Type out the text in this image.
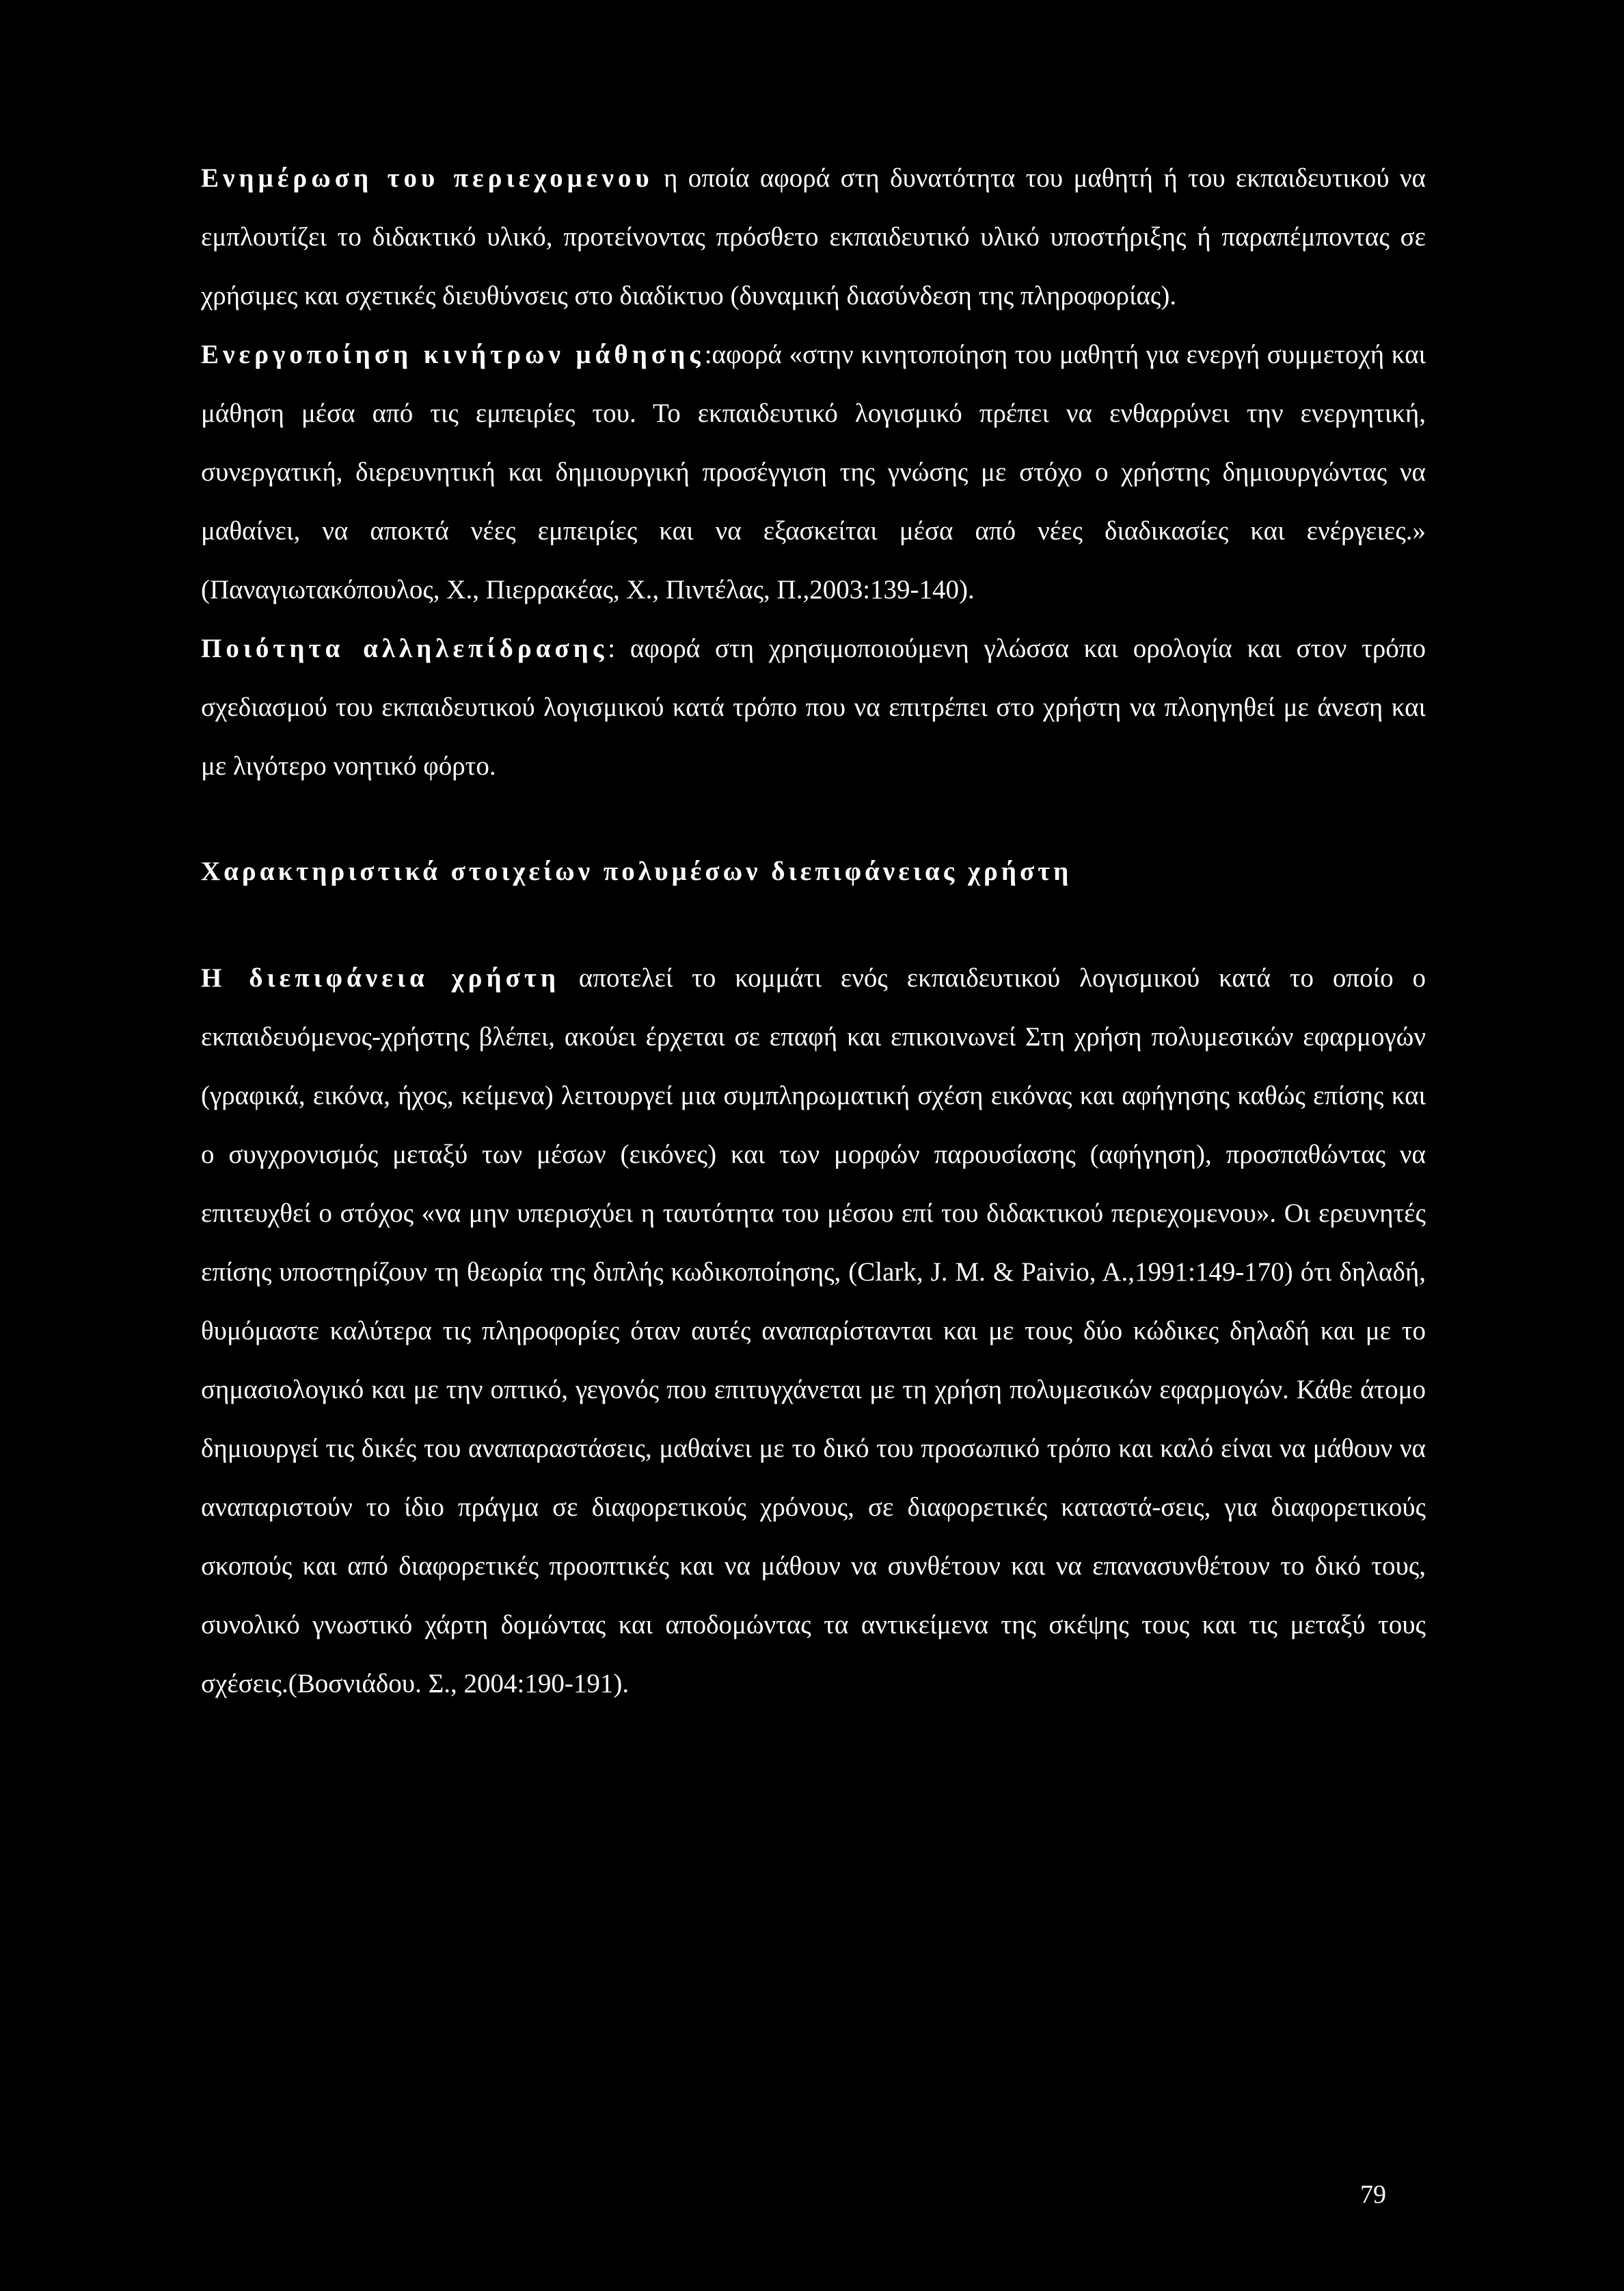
Ενημέρωση του περιεχομενου η οποία αφορά στη δυνατότητα του μαθητή ή του εκπαιδευτικού να εμπλουτίζει το διδακτικό υλικό, προτείνοντας πρόσθετο εκπαιδευτικό υλικό υποστήριξης ή παραπέμποντας σε χρήσιμες και σχετικές διευθύνσεις στο διαδίκτυο (δυναμική διασύνδεση της πληροφορίας).

Ενεργοποίηση κινήτρων μάθησης:αφορά «στην κινητοποίηση του μαθητή για ενεργή συμμετοχή και μάθηση μέσα από τις εμπειρίες του. Το εκπαιδευτικό λογισμικό πρέπει να ενθαρρύνει την ενεργητική, συνεργατική, διερευνητική και δημιουργική προσέγγιση της γνώσης με στόχο ο χρήστης δημιουργώντας να μαθαίνει, να αποκτά νέες εμπειρίες και να εξασκείται μέσα από νέες διαδικασίες και ενέργειες.» (Παναγιωτακόπουλος, Χ., Πιερρακέας, Χ., Πιντέλας, Π.,2003:139-140).

Ποιότητα αλληλεπίδρασης: αφορά στη χρησιμοποιούμενη γλώσσα και ορολογία και στον τρόπο σχεδιασμού του εκπαιδευτικού λογισμικού κατά τρόπο που να επιτρέπει στο χρήστη να πλοηγηθεί με άνεση και με λιγότερο νοητικό φόρτο.

Χαρακτηριστικά στοιχείων πολυμέσων διεπιφάνειας χρήστη

Η διεπιφάνεια χρήστη αποτελεί το κομμάτι ενός εκπαιδευτικού λογισμικού κατά το οποίο ο εκπαιδευόμενος-χρήστης βλέπει, ακούει έρχεται σε επαφή και επικοινωνεί Στη χρήση πολυμεσικών εφαρμογών (γραφικά, εικόνα, ήχος, κείμενα) λειτουργεί μια συμπληρωματική σχέση εικόνας και αφήγησης καθώς επίσης και ο συγχρονισμός μεταξύ των μέσων (εικόνες) και των μορφών παρουσίασης (αφήγηση), προσπαθώντας να επιτευχθεί ο στόχος «να μην υπερισχύει η ταυτότητα του μέσου επί του διδακτικού περιεχομενου». Οι ερευνητές επίσης υποστηρίζουν τη θεωρία της διπλής κωδικοποίησης, (Clark, J. M. & Paivio, A.,1991:149-170) ότι δηλαδή, θυμόμαστε καλύτερα τις πληροφορίες όταν αυτές αναπαρίστανται και με τους δύο κώδικες δηλαδή και με το σημασιολογικό και με την οπτικό, γεγονός που επιτυγχάνεται με τη χρήση πολυμεσικών εφαρμογών. Κάθε άτομο δημιουργεί τις δικές του αναπαραστάσεις, μαθαίνει με το δικό του προσωπικό τρόπο και καλό είναι να μάθουν να αναπαριστούν το ίδιο πράγμα σε διαφορετικούς χρόνους, σε διαφορετικές καταστά-σεις, για διαφορετικούς σκοπούς και από διαφορετικές προοπτικές και να μάθουν να συνθέτουν και να επανασυνθέτουν το δικό τους, συνολικό γνωστικό χάρτη δομώντας και αποδομώντας τα αντικείμενα της σκέψης τους και τις μεταξύ τους σχέσεις.(Βοσνιάδου. Σ., 2004:190-191).

79
